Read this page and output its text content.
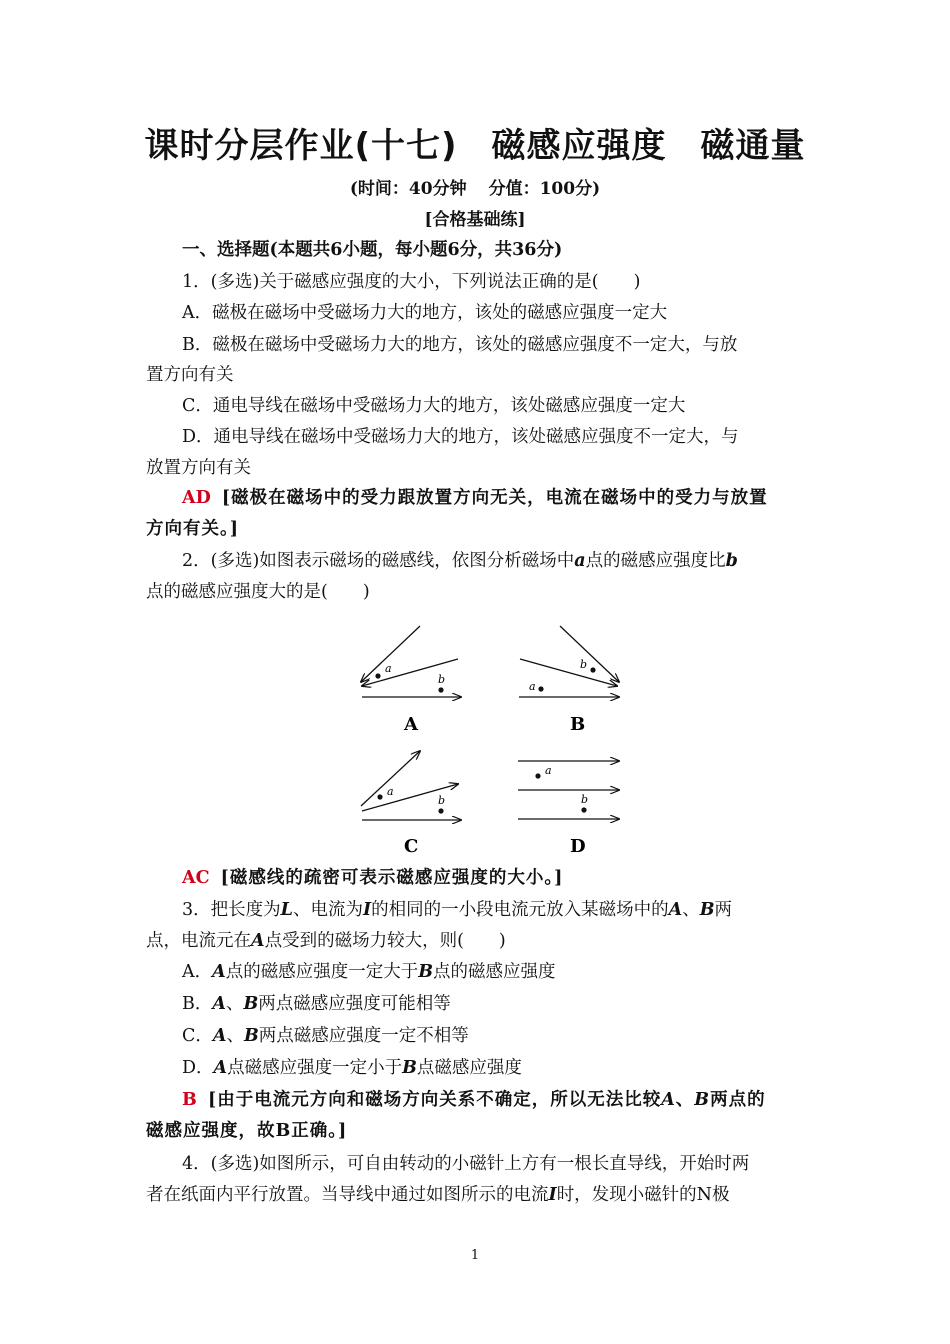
课时分层作业(十七) 磁感应强度 磁通量
(时间：40分钟 分值：100分)
[合格基础练]
一、选择题(本题共6小题，每小题6分，共36分)
1．(多选)关于磁感应强度的大小，下列说法正确的是(　　)
A．磁极在磁场中受磁场力大的地方，该处的磁感应强度一定大
B．磁极在磁场中受磁场力大的地方，该处的磁感应强度不一定大，与放
置方向有关
C．通电导线在磁场中受磁场力大的地方，该处磁感应强度一定大
D．通电导线在磁场中受磁场力大的地方，该处磁感应强度不一定大，与
放置方向有关
AD [磁极在磁场中的受力跟放置方向无关，电流在磁场中的受力与放置
方向有关。]
2．(多选)如图表示磁场的磁感线，依图分析磁场中a点的磁感应强度比b
点的磁感应强度大的是(　　)
a
b
A
b
a
B
a
b
C
a
b
D
AC [磁感线的疏密可表示磁感应强度的大小。]
3．把长度为L、电流为I的相同的一小段电流元放入某磁场中的A、B两
点，电流元在A点受到的磁场力较大，则(　　)
A．A点的磁感应强度一定大于B点的磁感应强度
B．A、B两点磁感应强度可能相等
C．A、B两点磁感应强度一定不相等
D．A点磁感应强度一定小于B点磁感应强度
B [由于电流元方向和磁场方向关系不确定，所以无法比较A、B两点的
磁感应强度，故B正确。]
4．(多选)如图所示，可自由转动的小磁针上方有一根长直导线，开始时两
者在纸面内平行放置。当导线中通过如图所示的电流I时，发现小磁针的N极
1
